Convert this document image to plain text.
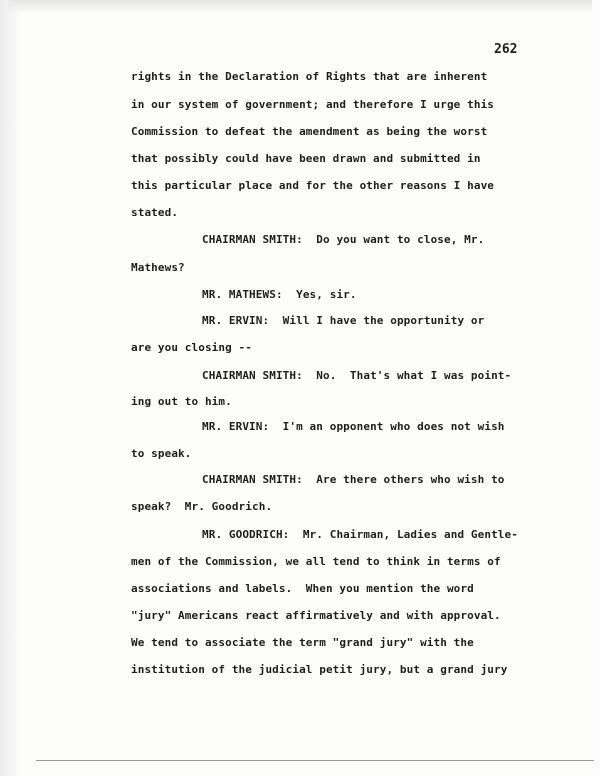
262

rights in the Declaration of Rights that are inherent

in our system of government; and therefore I urge this

Commission to defeat the amendment as being the worst

that possibly could have been drawn and submitted in

this particular place and for the other reasons I have

stated.

CHAIRMAN SMITH:  Do you want to close, Mr.

Mathews?

MR. MATHEWS:  Yes, sir.

MR. ERVIN:  Will I have the opportunity or

are you closing --

CHAIRMAN SMITH:  No.  That's what I was point-

ing out to him.

MR. ERVIN:  I'm an opponent who does not wish

to speak.

CHAIRMAN SMITH:  Are there others who wish to

speak?  Mr. Goodrich.

MR. GOODRICH:  Mr. Chairman, Ladies and Gentle-

men of the Commission, we all tend to think in terms of

associations and labels.  When you mention the word

"jury" Americans react affirmatively and with approval.

We tend to associate the term "grand jury" with the

institution of the judicial petit jury, but a grand jury
